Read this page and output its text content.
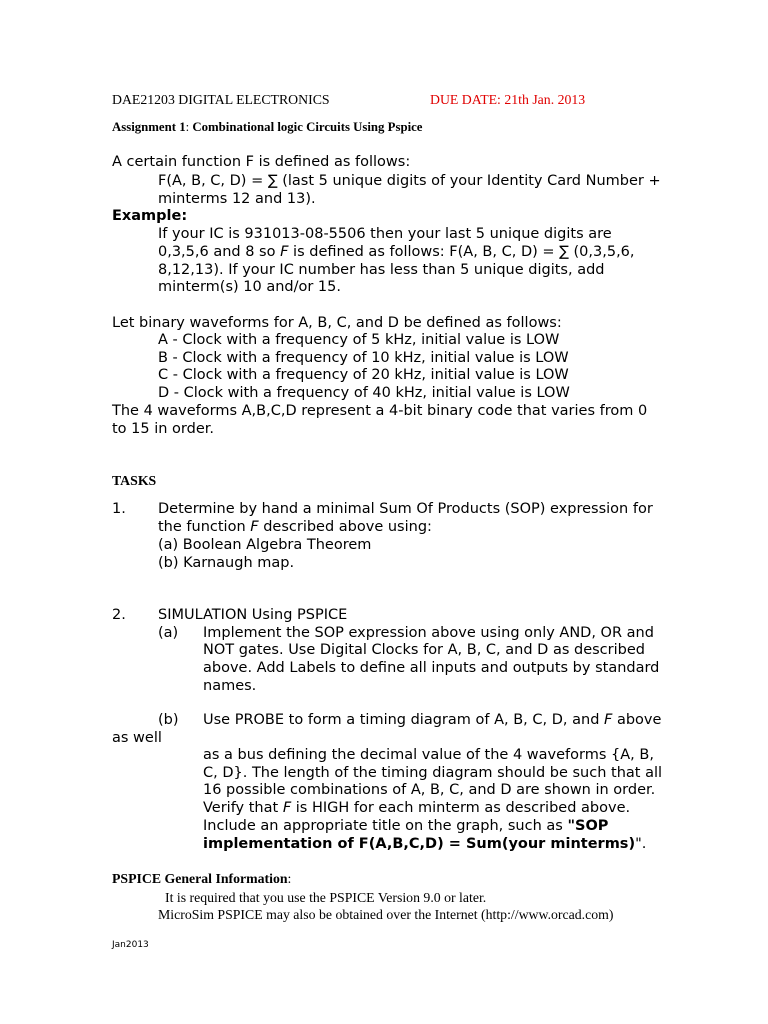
DAE21203 DIGITAL ELECTRONICS	DUE DATE: 21th Jan. 2013
Assignment 1: Combinational logic Circuits Using Pspice
A certain function F is defined as follows:
F(A, B, C, D) = ∑ (last 5 unique digits of your Identity Card Number +
minterms 12 and 13).
Example:
If your IC is 931013-08-5506 then your last 5 unique digits are
0,3,5,6 and 8 so F is defined as follows: F(A, B, C, D) = ∑ (0,3,5,6,
8,12,13). If your IC number has less than 5 unique digits, add
minterm(s) 10 and/or 15.
Let binary waveforms for A, B, C, and D be defined as follows:
A - Clock with a frequency of 5 kHz, initial value is LOW
B - Clock with a frequency of 10 kHz, initial value is LOW
C - Clock with a frequency of 20 kHz, initial value is LOW
D - Clock with a frequency of 40 kHz, initial value is LOW
The 4 waveforms A,B,C,D represent a 4-bit binary code that varies from 0
to 15 in order.
TASKS
1. Determine by hand a minimal Sum Of Products (SOP) expression for
the function F described above using:
(a) Boolean Algebra Theorem
(b) Karnaugh map.
2. SIMULATION Using PSPICE
(a) Implement the SOP expression above using only AND, OR and
NOT gates. Use Digital Clocks for A, B, C, and D as described
above. Add Labels to define all inputs and outputs by standard
names.
(b) Use PROBE to form a timing diagram of A, B, C, D, and F above
as well
as a bus defining the decimal value of the 4 waveforms {A, B,
C, D}. The length of the timing diagram should be such that all
16 possible combinations of A, B, C, and D are shown in order.
Verify that F is HIGH for each minterm as described above.
Include an appropriate title on the graph, such as "SOP
implementation of F(A,B,C,D) = Sum(your minterms)".
PSPICE General Information:
It is required that you use the PSPICE Version 9.0 or later.
MicroSim PSPICE may also be obtained over the Internet (http://www.orcad.com)
Jan2013
